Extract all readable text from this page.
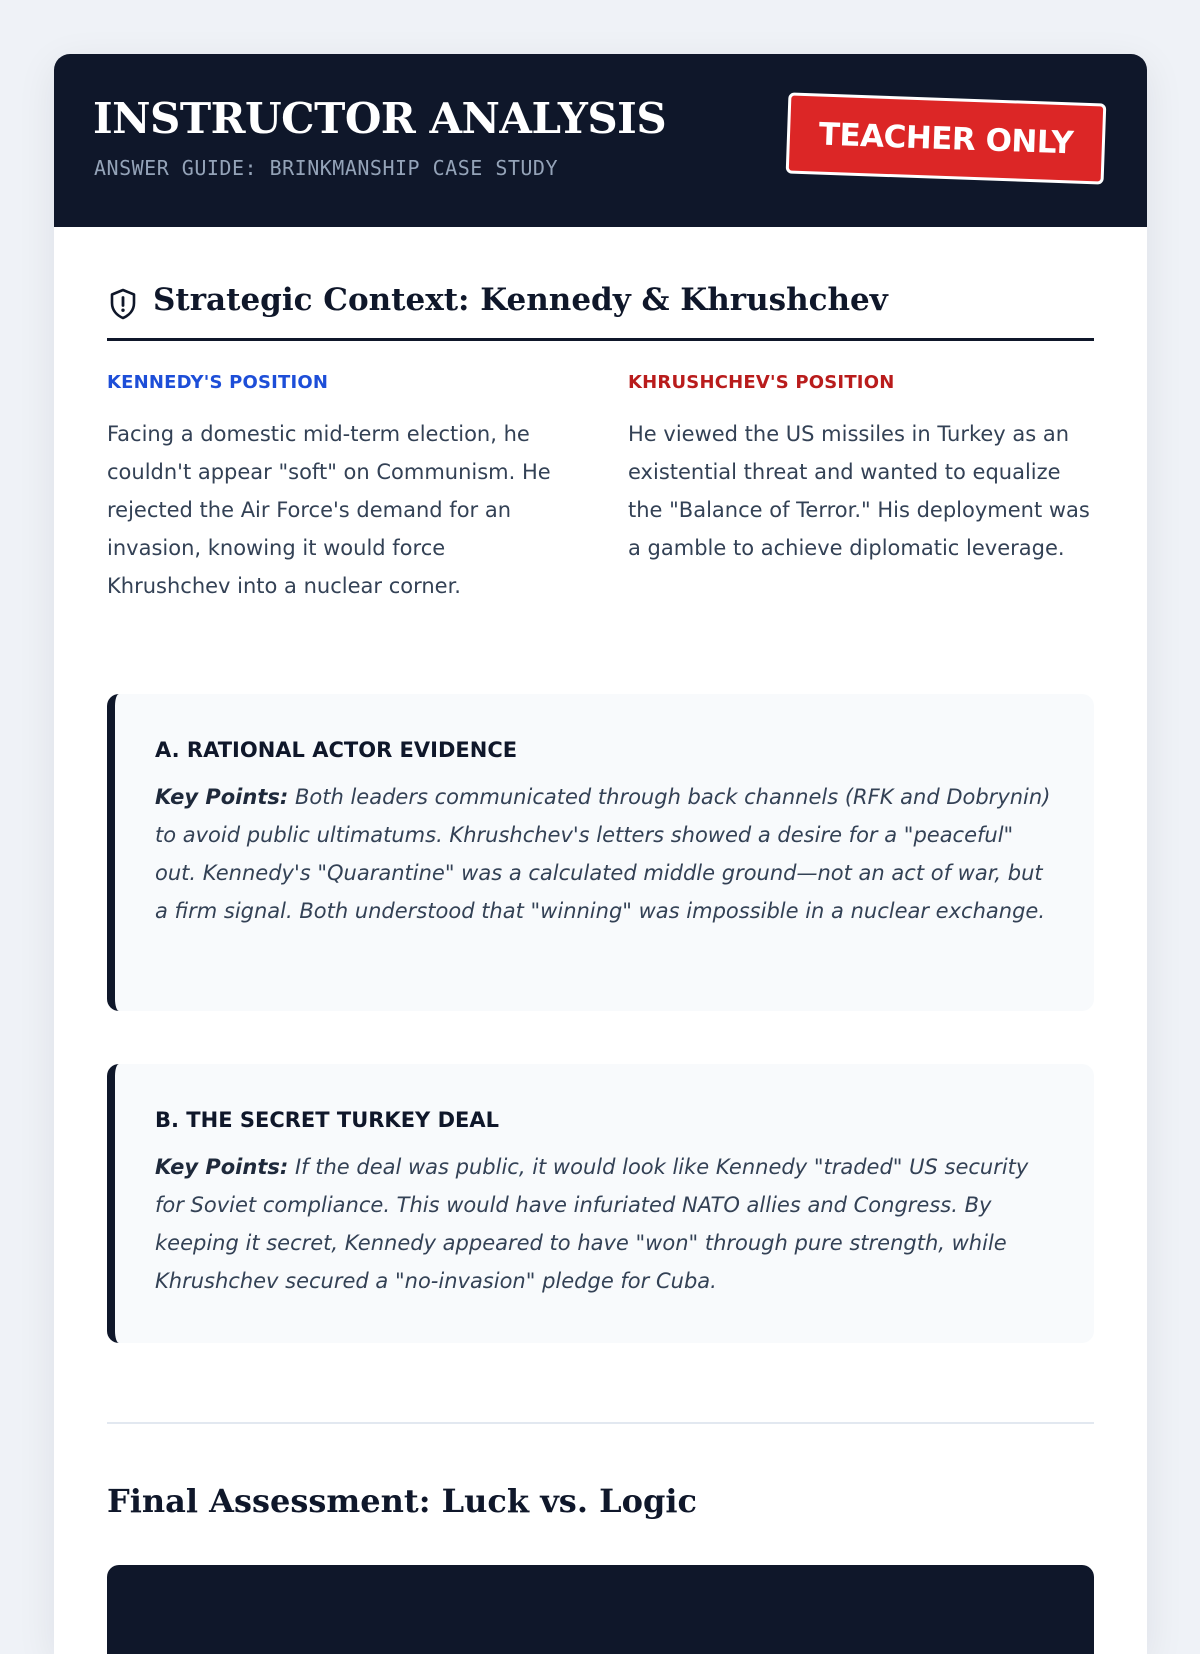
INSTRUCTOR ANALYSIS
ANSWER GUIDE: BRINKMANSHIP CASE STUDY
TEACHER ONLY
Strategic Context: Kennedy & Khrushchev
KENNEDY'S POSITION
Facing a domestic mid-term election, he couldn't appear "soft" on Communism. He rejected the Air Force's demand for an invasion, knowing it would force Khrushchev into a nuclear corner.
KHRUSHCHEV'S POSITION
He viewed the US missiles in Turkey as an existential threat and wanted to equalize the "Balance of Terror." His deployment was a gamble to achieve diplomatic leverage.
A. RATIONAL ACTOR EVIDENCE
Key Points: Both leaders communicated through back channels (RFK and Dobrynin) to avoid public ultimatums. Khrushchev's letters showed a desire for a "peaceful" out. Kennedy's "Quarantine" was a calculated middle ground—not an act of war, but a firm signal. Both understood that "winning" was impossible in a nuclear exchange.
B. THE SECRET TURKEY DEAL
Key Points: If the deal was public, it would look like Kennedy "traded" US security for Soviet compliance. This would have infuriated NATO allies and Congress. By keeping it secret, Kennedy appeared to have "won" through pure strength, while Khrushchev secured a "no-invasion" pledge for Cuba.
Final Assessment: Luck vs. Logic
